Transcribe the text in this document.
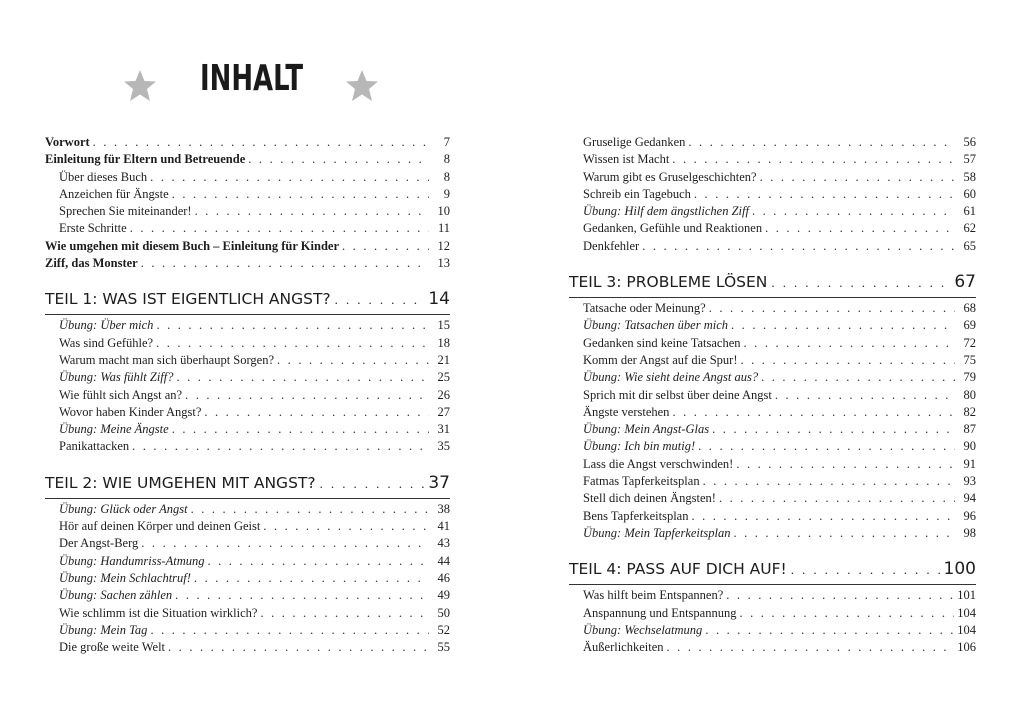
INHALT
Vorwort . . .	7
Einleitung für Eltern und Betreuende . . .	8
Über dieses Buch . . .	8
Anzeichen für Ängste . . .	9
Sprechen Sie miteinander! . . .	10
Erste Schritte . . .	11
Wie umgehen mit diesem Buch – Einleitung für Kinder . . .	12
Ziff, das Monster . . .	13
TEIL 1: WAS IST EIGENTLICH ANGST? . . .	14
Übung: Über mich . . .	15
Was sind Gefühle? . . .	18
Warum macht man sich überhaupt Sorgen? . . .	21
Übung: Was fühlt Ziff? . . .	25
Wie fühlt sich Angst an? . . .	26
Wovor haben Kinder Angst? . . .	27
Übung: Meine Ängste . . .	31
Panikattacken . . .	35
TEIL 2: WIE UMGEHEN MIT ANGST? . . .	37
Übung: Glück oder Angst . . .	38
Hör auf deinen Körper und deinen Geist . . .	41
Der Angst-Berg . . .	43
Übung: Handumriss-Atmung . . .	44
Übung: Mein Schlachtruf! . . .	46
Übung: Sachen zählen . . .	49
Wie schlimm ist die Situation wirklich? . . .	50
Übung: Mein Tag . . .	52
Die große weite Welt . . .	55
Gruselige Gedanken . . .	56
Wissen ist Macht . . .	57
Warum gibt es Gruselgeschichten? . . .	58
Schreib ein Tagebuch . . .	60
Übung: Hilf dem ängstlichen Ziff . . .	61
Gedanken, Gefühle und Reaktionen . . .	62
Denkfehler . . .	65
TEIL 3: PROBLEME LÖSEN . . .	67
Tatsache oder Meinung? . . .	68
Übung: Tatsachen über mich . . .	69
Gedanken sind keine Tatsachen . . .	72
Komm der Angst auf die Spur! . . .	75
Übung: Wie sieht deine Angst aus? . . .	79
Sprich mit dir selbst über deine Angst . . .	80
Ängste verstehen . . .	82
Übung: Mein Angst-Glas . . .	87
Übung: Ich bin mutig! . . .	90
Lass die Angst verschwinden! . . .	91
Fatmas Tapferkeitsplan . . .	93
Stell dich deinen Ängsten! . . .	94
Bens Tapferkeitsplan . . .	96
Übung: Mein Tapferkeitsplan . . .	98
TEIL 4: PASS AUF DICH AUF! . . .	100
Was hilft beim Entspannen? . . .	101
Anspannung und Entspannung . . .	104
Übung: Wechselatmung . . .	104
Äußerlichkeiten . . .	106
